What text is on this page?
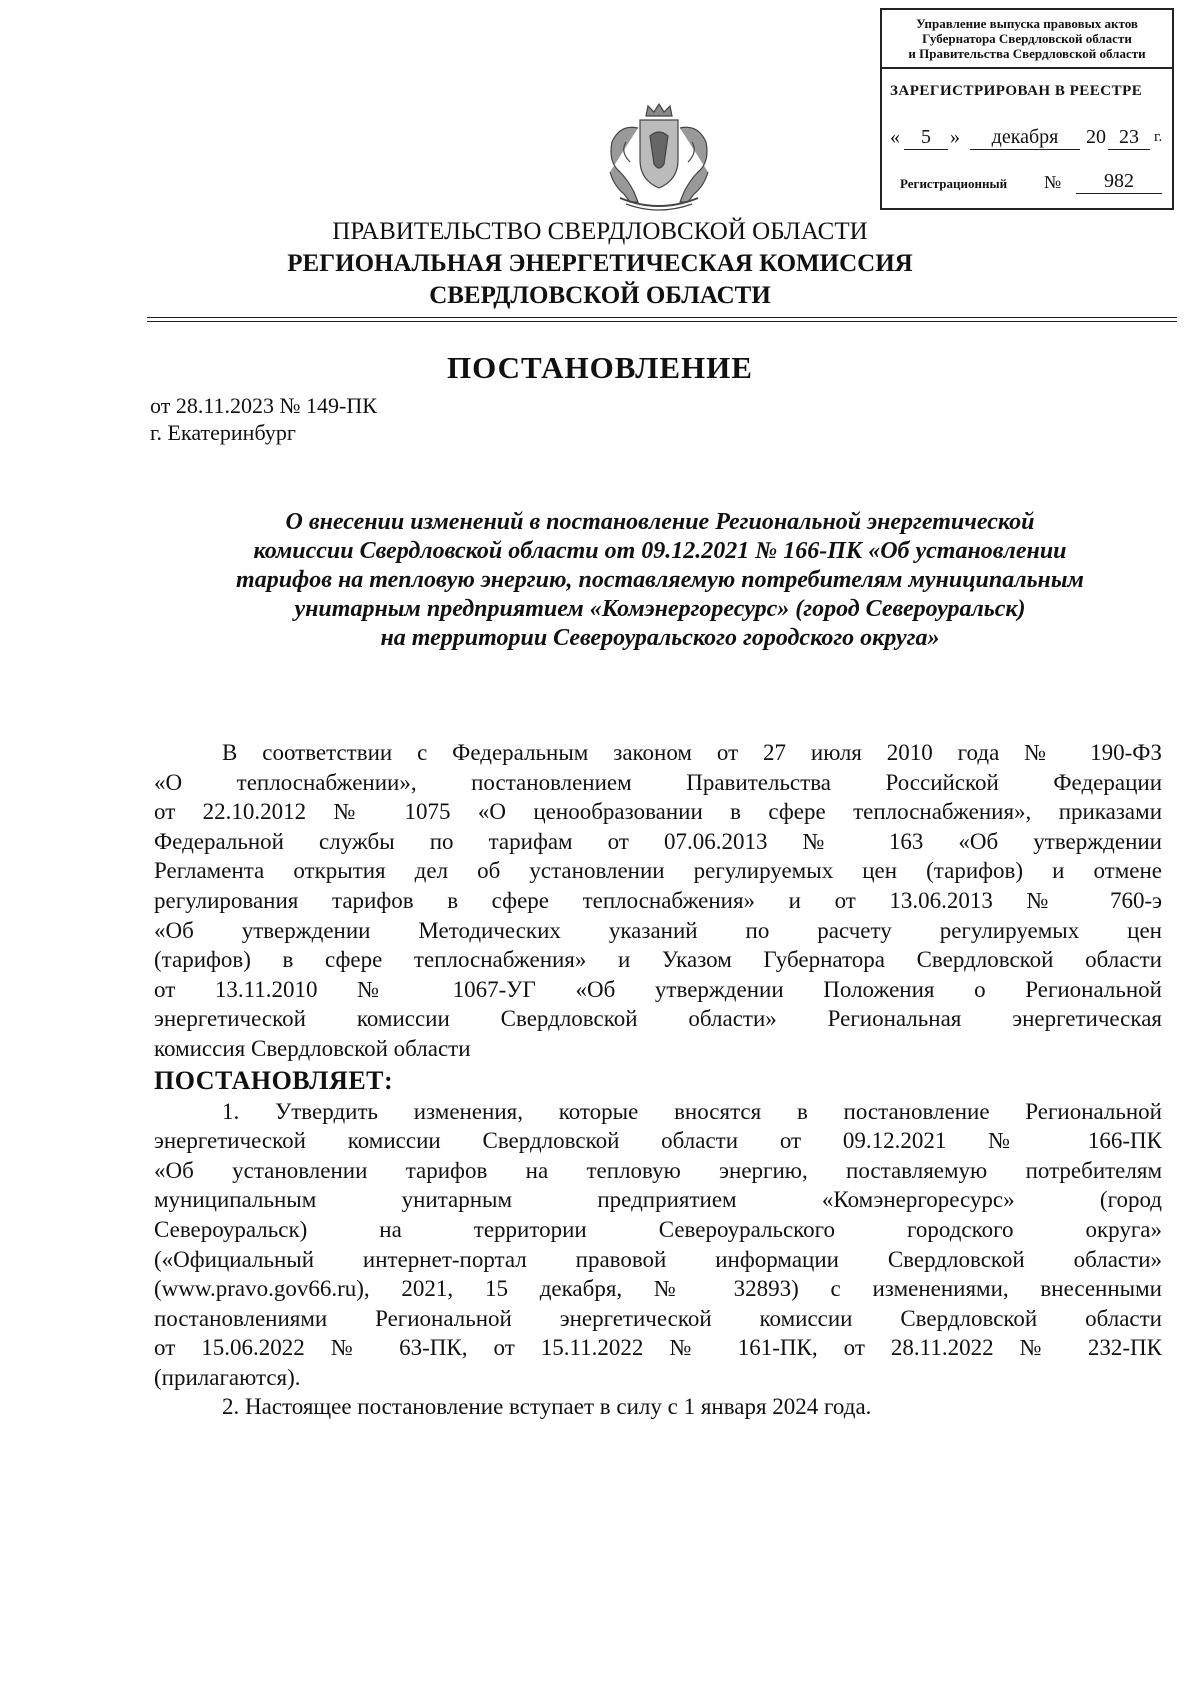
Управление выпуска правовых актов
Губернатора Свердловской области
и Правительства Свердловской области
ЗАРЕГИСТРИРОВАН В РЕЕСТРЕ
«	5 »	декабря	20 23	г.
Регистрационный №	982
ПРАВИТЕЛЬСТВО СВЕРДЛОВСКОЙ ОБЛАСТИ
РЕГИОНАЛЬНАЯ ЭНЕРГЕТИЧЕСКАЯ КОМИССИЯ
СВЕРДЛОВСКОЙ ОБЛАСТИ
ПОСТАНОВЛЕНИЕ
от 28.11.2023 № 149-ПК
г. Екатеринбург
О внесении изменений в постановление Региональной энергетической
комиссии Свердловской области от 09.12.2021 № 166-ПК «Об установлении
тарифов на тепловую энергию, поставляемую потребителям муниципальным
унитарным предприятием «Комэнергоресурс» (город Североуральск)
на территории Североуральского городского округа»
В соответствии с Федеральным законом от 27 июля 2010 года № 190-ФЗ
«О теплоснабжении», постановлением Правительства Российской Федерации
от 22.10.2012 № 1075 «О ценообразовании в сфере теплоснабжения», приказами
Федеральной службы по тарифам от 07.06.2013 № 163 «Об утверждении
Регламента открытия дел об установлении регулируемых цен (тарифов) и отмене
регулирования тарифов в сфере теплоснабжения» и от 13.06.2013 № 760-э
«Об утверждении Методических указаний по расчету регулируемых цен
(тарифов) в сфере теплоснабжения» и Указом Губернатора Свердловской области
от 13.11.2010 № 1067-УГ «Об утверждении Положения о Региональной
энергетической комиссии Свердловской области» Региональная энергетическая
комиссия Свердловской области
ПОСТАНОВЛЯЕТ:
1. Утвердить изменения, которые вносятся в постановление Региональной
энергетической комиссии Свердловской области от 09.12.2021 № 166-ПК
«Об установлении тарифов на тепловую энергию, поставляемую потребителям
муниципальным унитарным предприятием «Комэнергоресурс» (город
Североуральск) на территории Североуральского городского округа»
(«Официальный интернет-портал правовой информации Свердловской области»
(www.pravo.gov66.ru), 2021, 15 декабря, № 32893) с изменениями, внесенными
постановлениями Региональной энергетической комиссии Свердловской области
от 15.06.2022 № 63-ПК, от 15.11.2022 № 161-ПК, от 28.11.2022 № 232-ПК
(прилагаются).
2. Настоящее постановление вступает в силу с 1 января 2024 года.
